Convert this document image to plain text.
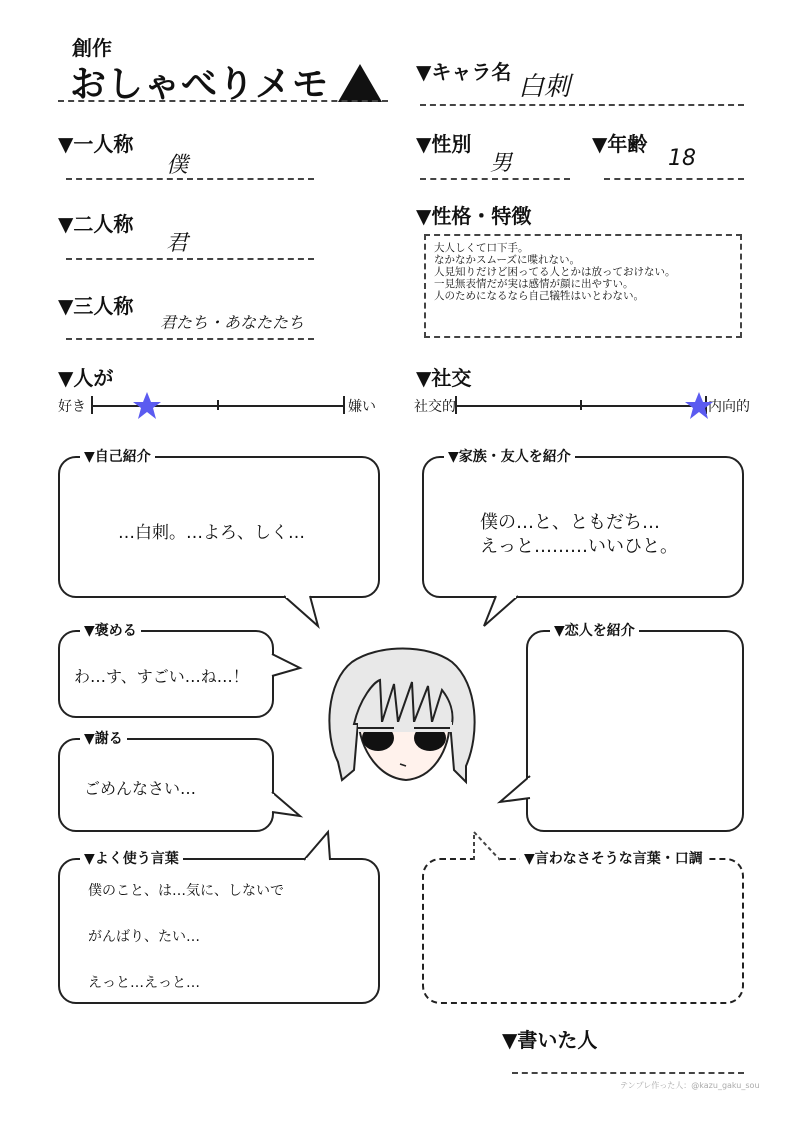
創作
おしゃべりメモ	▼キャラ名 白刺
▼一人称
僕
▼二人称
君
▼三人称
君たち・あなたたち
▼性別
男
▼年齢
18
▼性格・特徴
大人しくて口下手。
なかなかスムーズに喋れない。
人見知りだけど困ってる人とかは放っておけない。
一見無表情だが実は感情が顔に出やすい。
人のためになるなら自己犠牲はいとわない。
▼人が
好き	嫌い
▼社交
社交的	内向的
▼自己紹介
…白刺。…よろ、しく…
▼家族・友人を紹介
僕の…と、ともだち…
えっと………いいひと。
▼褒める
わ…す、すごい…ね…！
▼恋人を紹介
▼謝る
ごめんなさい…
▼よく使う言葉
僕のこと、は…気に、しないで
がんばり、たい…
えっと…えっと…
▼言わなさそうな言葉・口調
▼書いた人
テンプレ作った人：@kazu_gaku_sou
